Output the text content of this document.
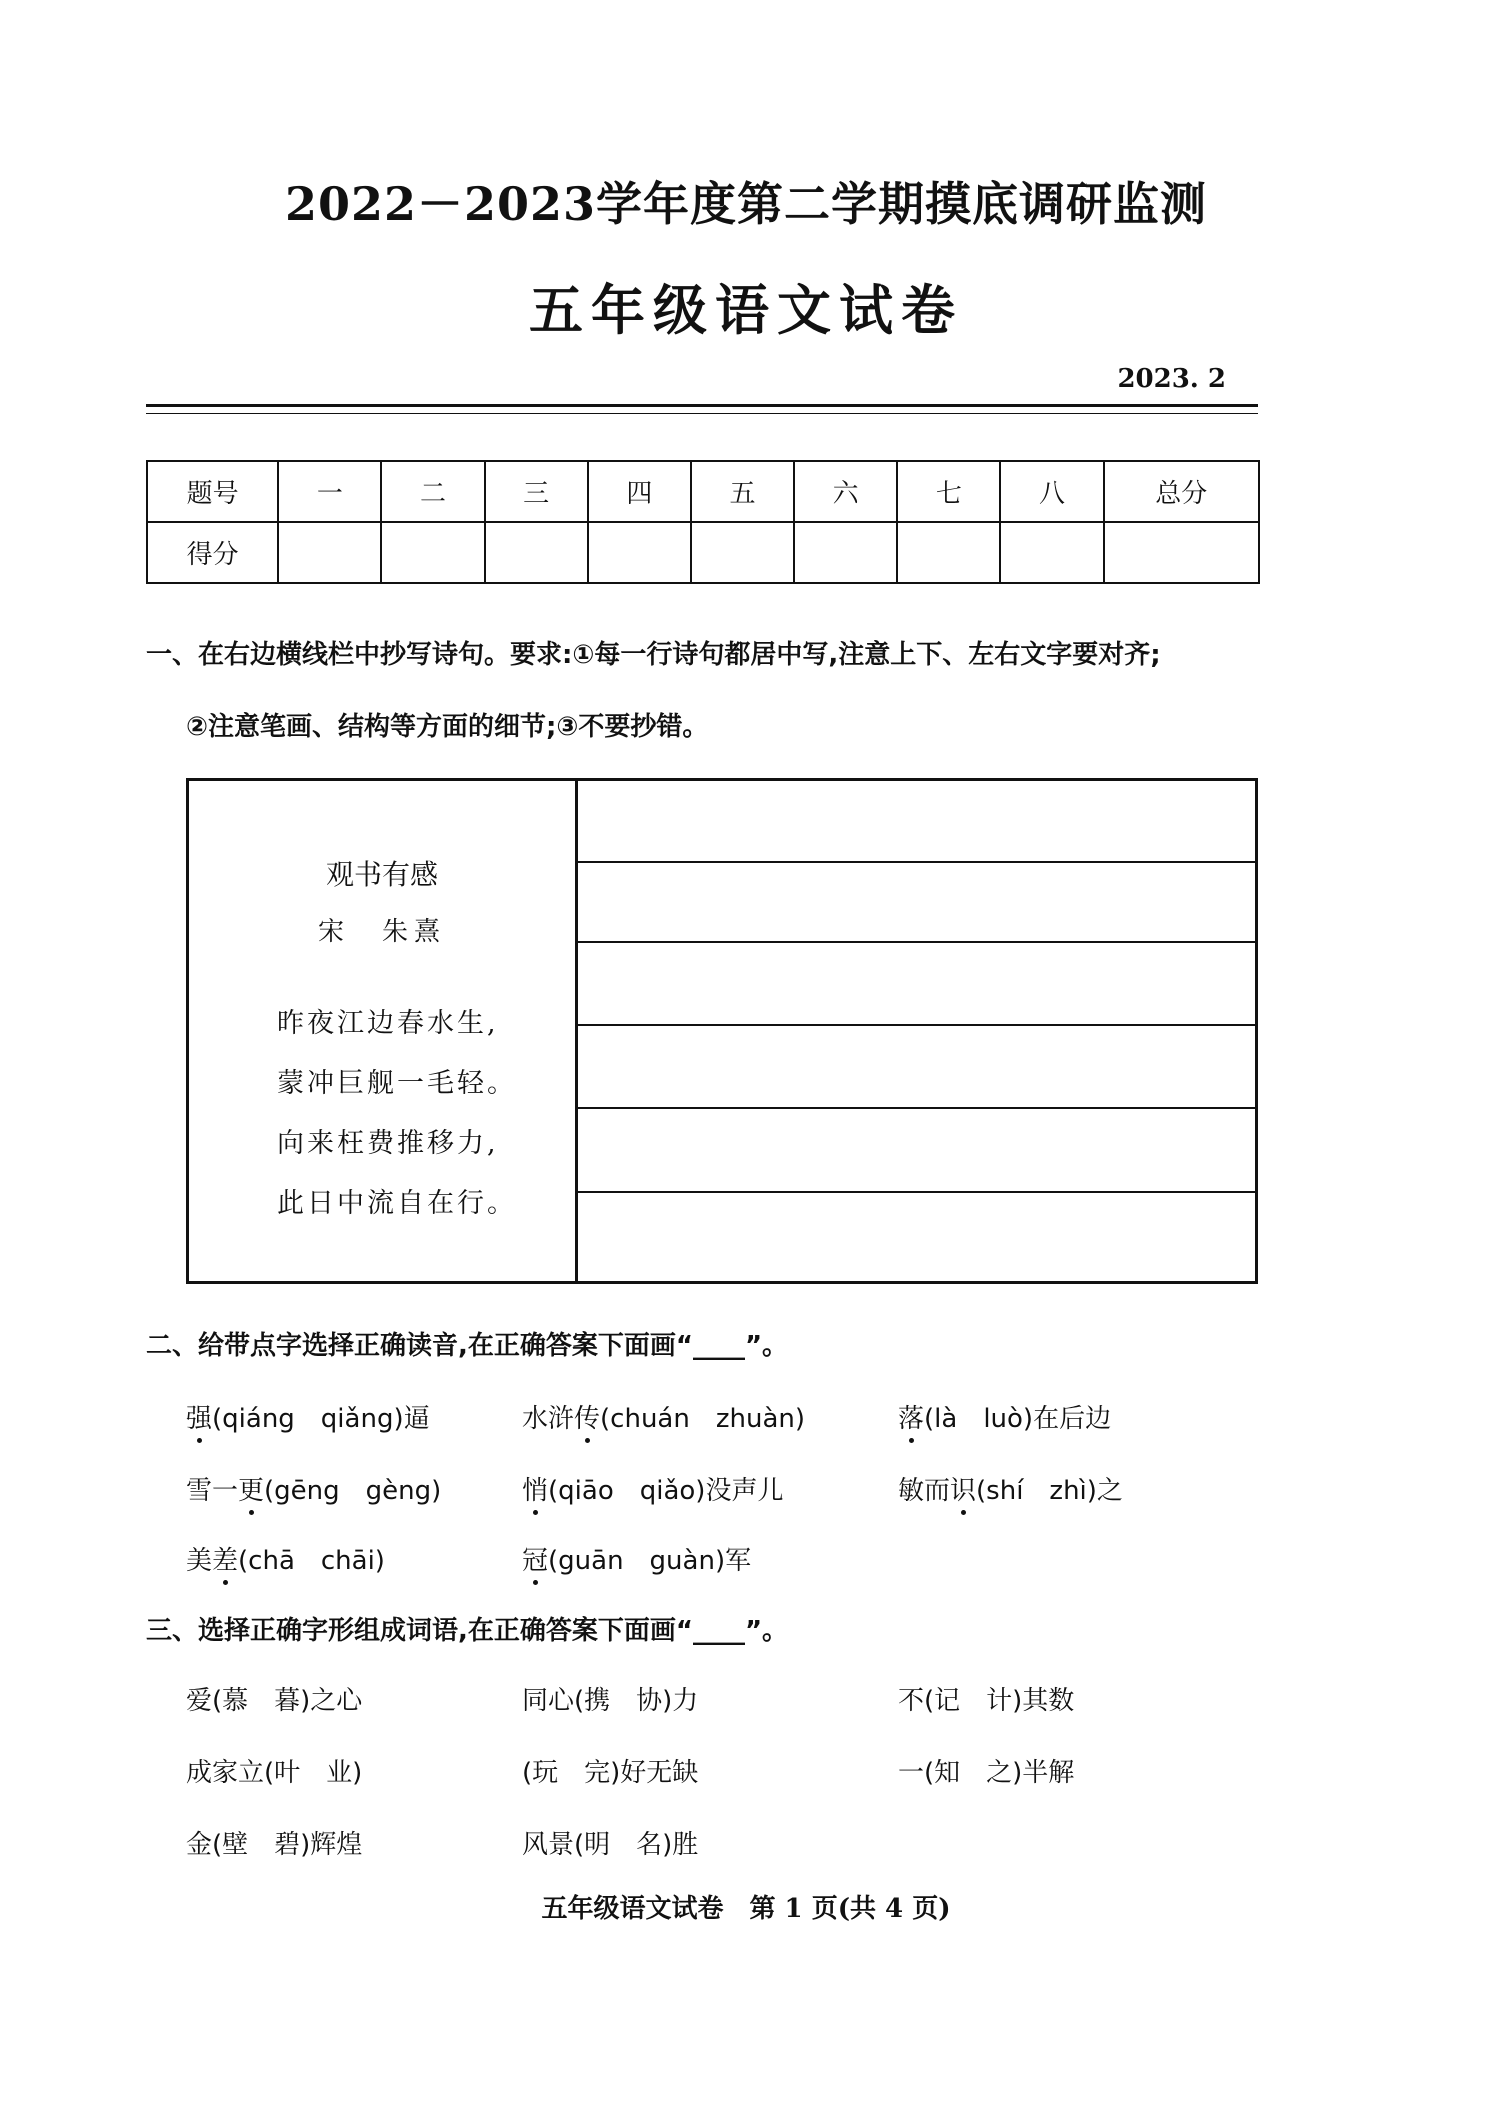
2022－2023学年度第二学期摸底调研监测
五年级语文试卷
2023. 2
题号	一	二	三	四	五	六	七	八	总分
得分									
一、在右边横线栏中抄写诗句。要求:①每一行诗句都居中写,注意上下、左右文字要对齐;
②注意笔画、结构等方面的细节;③不要抄错。
观书有感
宋　朱熹
昨夜江边春水生,
蒙冲巨舰一毛轻。
向来枉费推移力,
此日中流自在行。
二、给带点字选择正确读音,在正确答案下面画“____”。
强(qiáng　qiǎng)逼	水浒传(chuán　zhuàn)	落(là　luò)在后边
雪一更(gēng　gèng)	悄(qiāo　qiǎo)没声儿	敏而识(shí　zhì)之
美差(chā　chāi)	冠(guān　guàn)军
三、选择正确字形组成词语,在正确答案下面画“____”。
爱(慕　暮)之心	同心(携　协)力	不(记　计)其数
成家立(叶　业)	(玩　完)好无缺	一(知　之)半解
金(壁　碧)辉煌	风景(明　名)胜
五年级语文试卷　第 1 页(共 4 页)
